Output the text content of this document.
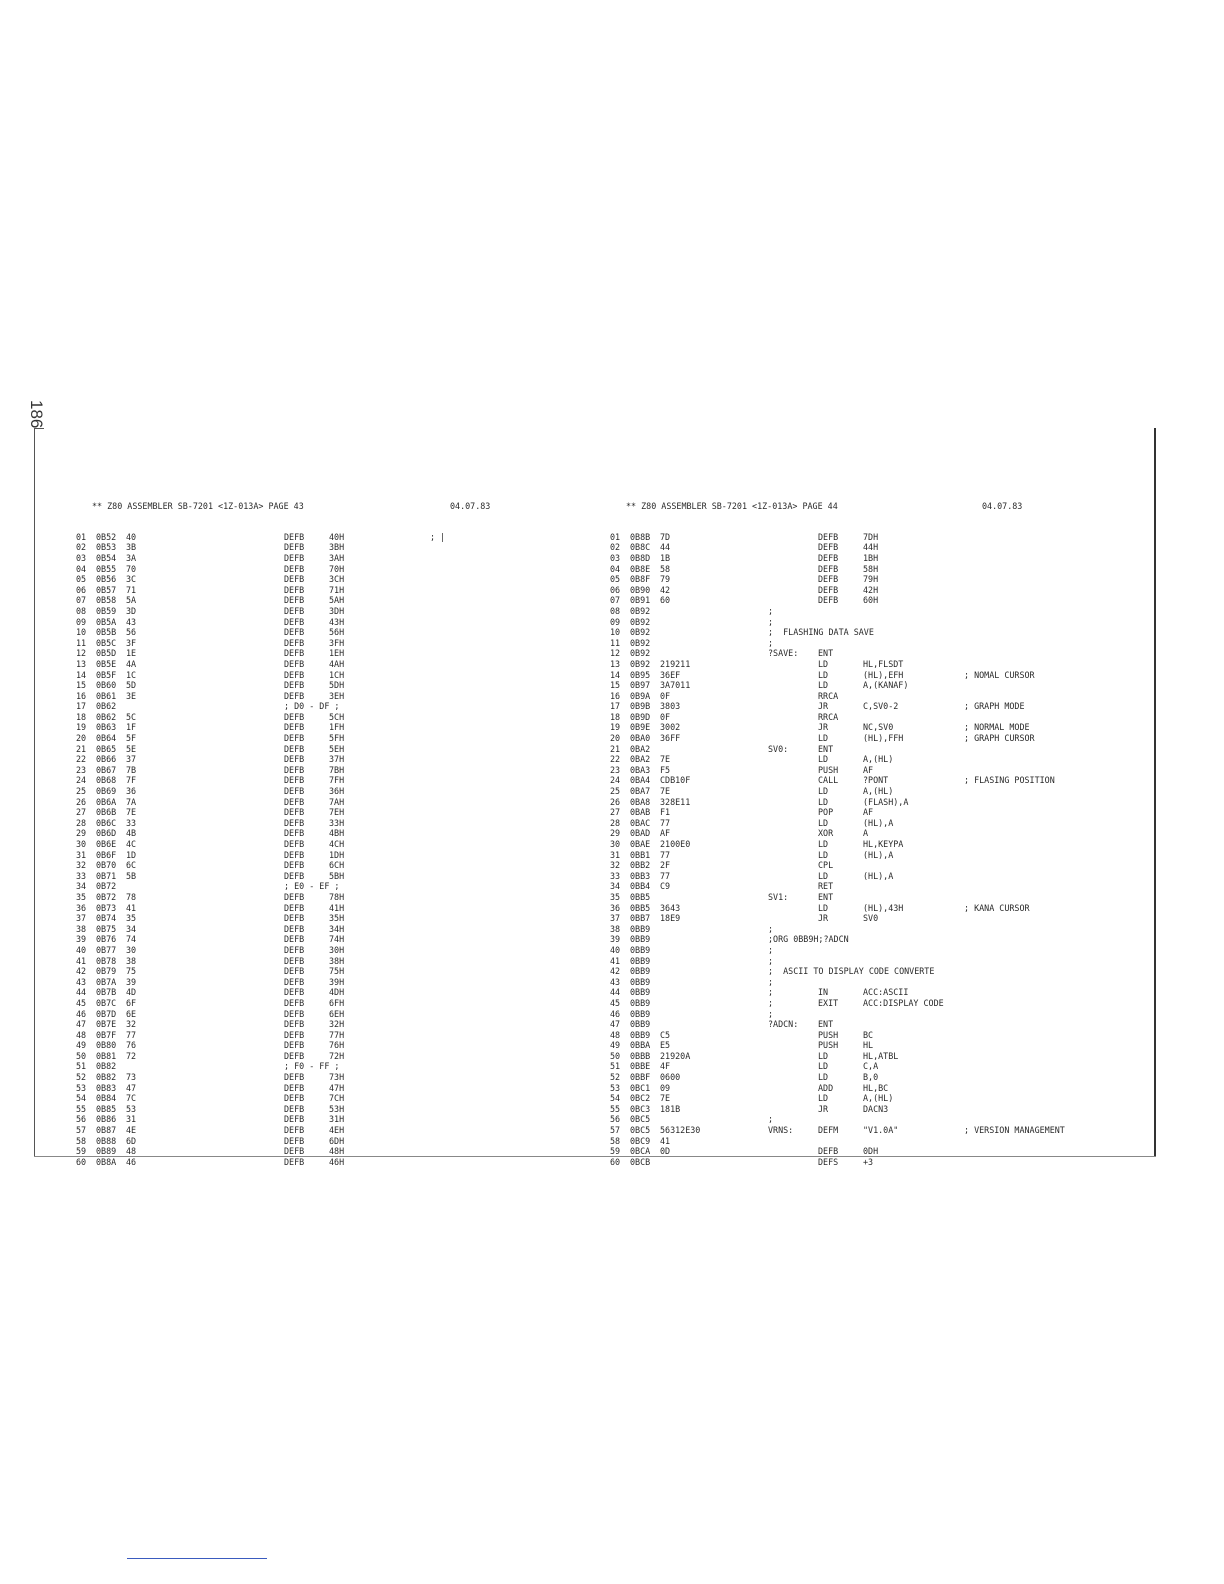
186

** Z80 ASSEMBLER SB-7201 <1Z-013A> PAGE 43

	04.07.83

01 0B52 40	DEFB	40H	; |
02 0B53 3B	DEFB	3BH
03 0B54 3A	DEFB	3AH
04 0B55 70	DEFB	70H
05 0B56 3C	DEFB	3CH
06 0B57 71	DEFB	71H
07 0B58 5A	DEFB	5AH
08 0B59 3D	DEFB	3DH
09 0B5A 43	DEFB	43H
10 0B5B 56	DEFB	56H
11 0B5C 3F	DEFB	3FH
12 0B5D 1E	DEFB	1EH
13 0B5E 4A	DEFB	4AH
14 0B5F 1C	DEFB	1CH
15 0B60 5D	DEFB	5DH
16 0B61 3E	DEFB	3EH
17 0B62	; D0 - DF ;
18 0B62 5C	DEFB	5CH
19 0B63 1F	DEFB	1FH
20 0B64 5F	DEFB	5FH
21 0B65 5E	DEFB	5EH
22 0B66 37	DEFB	37H
23 0B67 7B	DEFB	7BH
24 0B68 7F	DEFB	7FH
25 0B69 36	DEFB	36H
26 0B6A 7A	DEFB	7AH
27 0B6B 7E	DEFB	7EH
28 0B6C 33	DEFB	33H
29 0B6D 4B	DEFB	4BH
30 0B6E 4C	DEFB	4CH
31 0B6F 1D	DEFB	1DH
32 0B70 6C	DEFB	6CH
33 0B71 5B	DEFB	5BH
34 0B72	; E0 - EF ;
35 0B72 78	DEFB	78H
36 0B73 41	DEFB	41H
37 0B74 35	DEFB	35H
38 0B75 34	DEFB	34H
39 0B76 74	DEFB	74H
40 0B77 30	DEFB	30H
41 0B78 38	DEFB	38H
42 0B79 75	DEFB	75H
43 0B7A 39	DEFB	39H
44 0B7B 4D	DEFB	4DH
45 0B7C 6F	DEFB	6FH
46 0B7D 6E	DEFB	6EH
47 0B7E 32	DEFB	32H
48 0B7F 77	DEFB	77H
49 0B80 76	DEFB	76H
50 0B81 72	DEFB	72H
51 0B82	; F0 - FF ;
52 0B82 73	DEFB	73H
53 0B83 47	DEFB	47H
54 0B84 7C	DEFB	7CH
55 0B85 53	DEFB	53H
56 0B86 31	DEFB	31H
57 0B87 4E	DEFB	4EH
58 0B88 6D	DEFB	6DH
59 0B89 48	DEFB	48H
60 0B8A 46	DEFB	46H

** Z80 ASSEMBLER SB-7201 <1Z-013A> PAGE 44

	04.07.83

01 0B8B 7D	DEFB	7DH
02 0B8C 44	DEFB	44H
03 0B8D 1B	DEFB	1BH
04 0B8E 58	DEFB	58H
05 0B8F 79	DEFB	79H
06 0B90 42	DEFB	42H
07 0B91 60	DEFB	60H
08 0B92	;
09 0B92	;
10 0B92	;  FLASHING DATA SAVE
11 0B92	;
12 0B92	?SAVE: ENT
13 0B92 219211	LD	HL,FLSDT
14 0B95 36EF	LD	(HL),EFH	; NOMAL CURSOR
15 0B97 3A7011	LD	A,(KANAF)
16 0B9A 0F	RRCA
17 0B9B 3803	JR	C,SV0-2	; GRAPH MODE
18 0B9D 0F	RRCA
19 0B9E 3002	JR	NC,SV0	; NORMAL MODE
20 0BA0 36FF	LD	(HL),FFH	; GRAPH CURSOR
21 0BA2	SV0:	ENT
22 0BA2 7E	LD	A,(HL)
23 0BA3 F5	PUSH	AF
24 0BA4 CDB10F	CALL	?PONT	; FLASING POSITION
25 0BA7 7E	LD	A,(HL)
26 0BA8 328E11	LD	(FLASH),A
27 0BAB F1	POP	AF
28 0BAC 77	LD	(HL),A
29 0BAD AF	XOR	A
30 0BAE 2100E0	LD	HL,KEYPA
31 0BB1 77	LD	(HL),A
32 0BB2 2F	CPL
33 0BB3 77	LD	(HL),A
34 0BB4 C9	RET
35 0BB5	SV1:	ENT
36 0BB5 3643	LD	(HL),43H	; KANA CURSOR
37 0BB7 18E9	JR	SV0
38 0BB9	;
39 0BB9	;ORG 0BB9H;?ADCN
40 0BB9	;
41 0BB9	;
42 0BB9	;  ASCII TO DISPLAY CODE CONVERTE
43 0BB9	;
44 0BB9	;	IN	ACC:ASCII
45 0BB9	;	EXIT	ACC:DISPLAY CODE
46 0BB9	;
47 0BB9	?ADCN: ENT
48 0BB9 C5	PUSH	BC
49 0BBA E5	PUSH	HL
50 0BBB 21920A	LD	HL,ATBL
51 0BBE 4F	LD	C,A
52 0BBF 0600	LD	B,0
53 0BC1 09	ADD	HL,BC
54 0BC2 7E	LD	A,(HL)
55 0BC3 181B	JR	DACN3
56 0BC5	;
57 0BC5 56312E30	VRNS:	DEFM	"V1.0A"	; VERSION MANAGEMENT
58 0BC9 41
59 0BCA 0D	DEFB	0DH
60 0BCB	DEFS	+3
